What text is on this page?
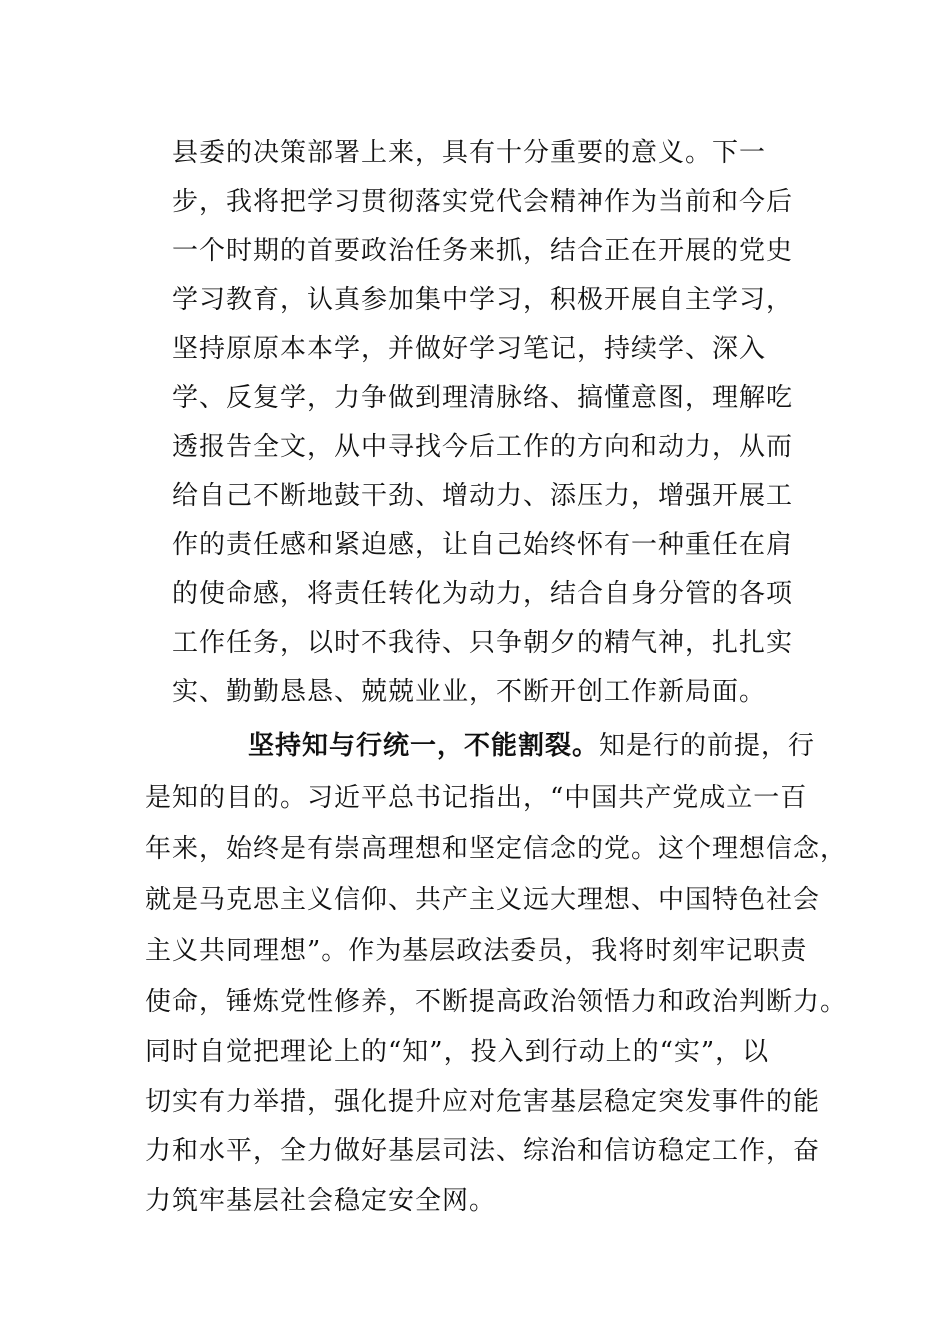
县委的决策部署上来，具有十分重要的意义。下一
步，我将把学习贯彻落实党代会精神作为当前和今后
一个时期的首要政治任务来抓，结合正在开展的党史
学习教育，认真参加集中学习，积极开展自主学习，
坚持原原本本学，并做好学习笔记，持续学、深入
学、反复学，力争做到理清脉络、搞懂意图，理解吃
透报告全文，从中寻找今后工作的方向和动力，从而
给自己不断地鼓干劲、增动力、添压力，增强开展工
作的责任感和紧迫感，让自己始终怀有一种重任在肩
的使命感，将责任转化为动力，结合自身分管的各项
工作任务，以时不我待、只争朝夕的精气神，扎扎实
实、勤勤恳恳、兢兢业业，不断开创工作新局面。
坚持知与行统一，不能割裂。知是行的前提，行
是知的目的。习近平总书记指出，“中国共产党成立一百
年来，始终是有崇高理想和坚定信念的党。这个理想信念，
就是马克思主义信仰、共产主义远大理想、中国特色社会
主义共同理想”。作为基层政法委员，我将时刻牢记职责
使命，锤炼党性修养，不断提高政治领悟力和政治判断力。
同时自觉把理论上的“知”，投入到行动上的“实”，以
切实有力举措，强化提升应对危害基层稳定突发事件的能
力和水平，全力做好基层司法、综治和信访稳定工作，奋
力筑牢基层社会稳定安全网。
